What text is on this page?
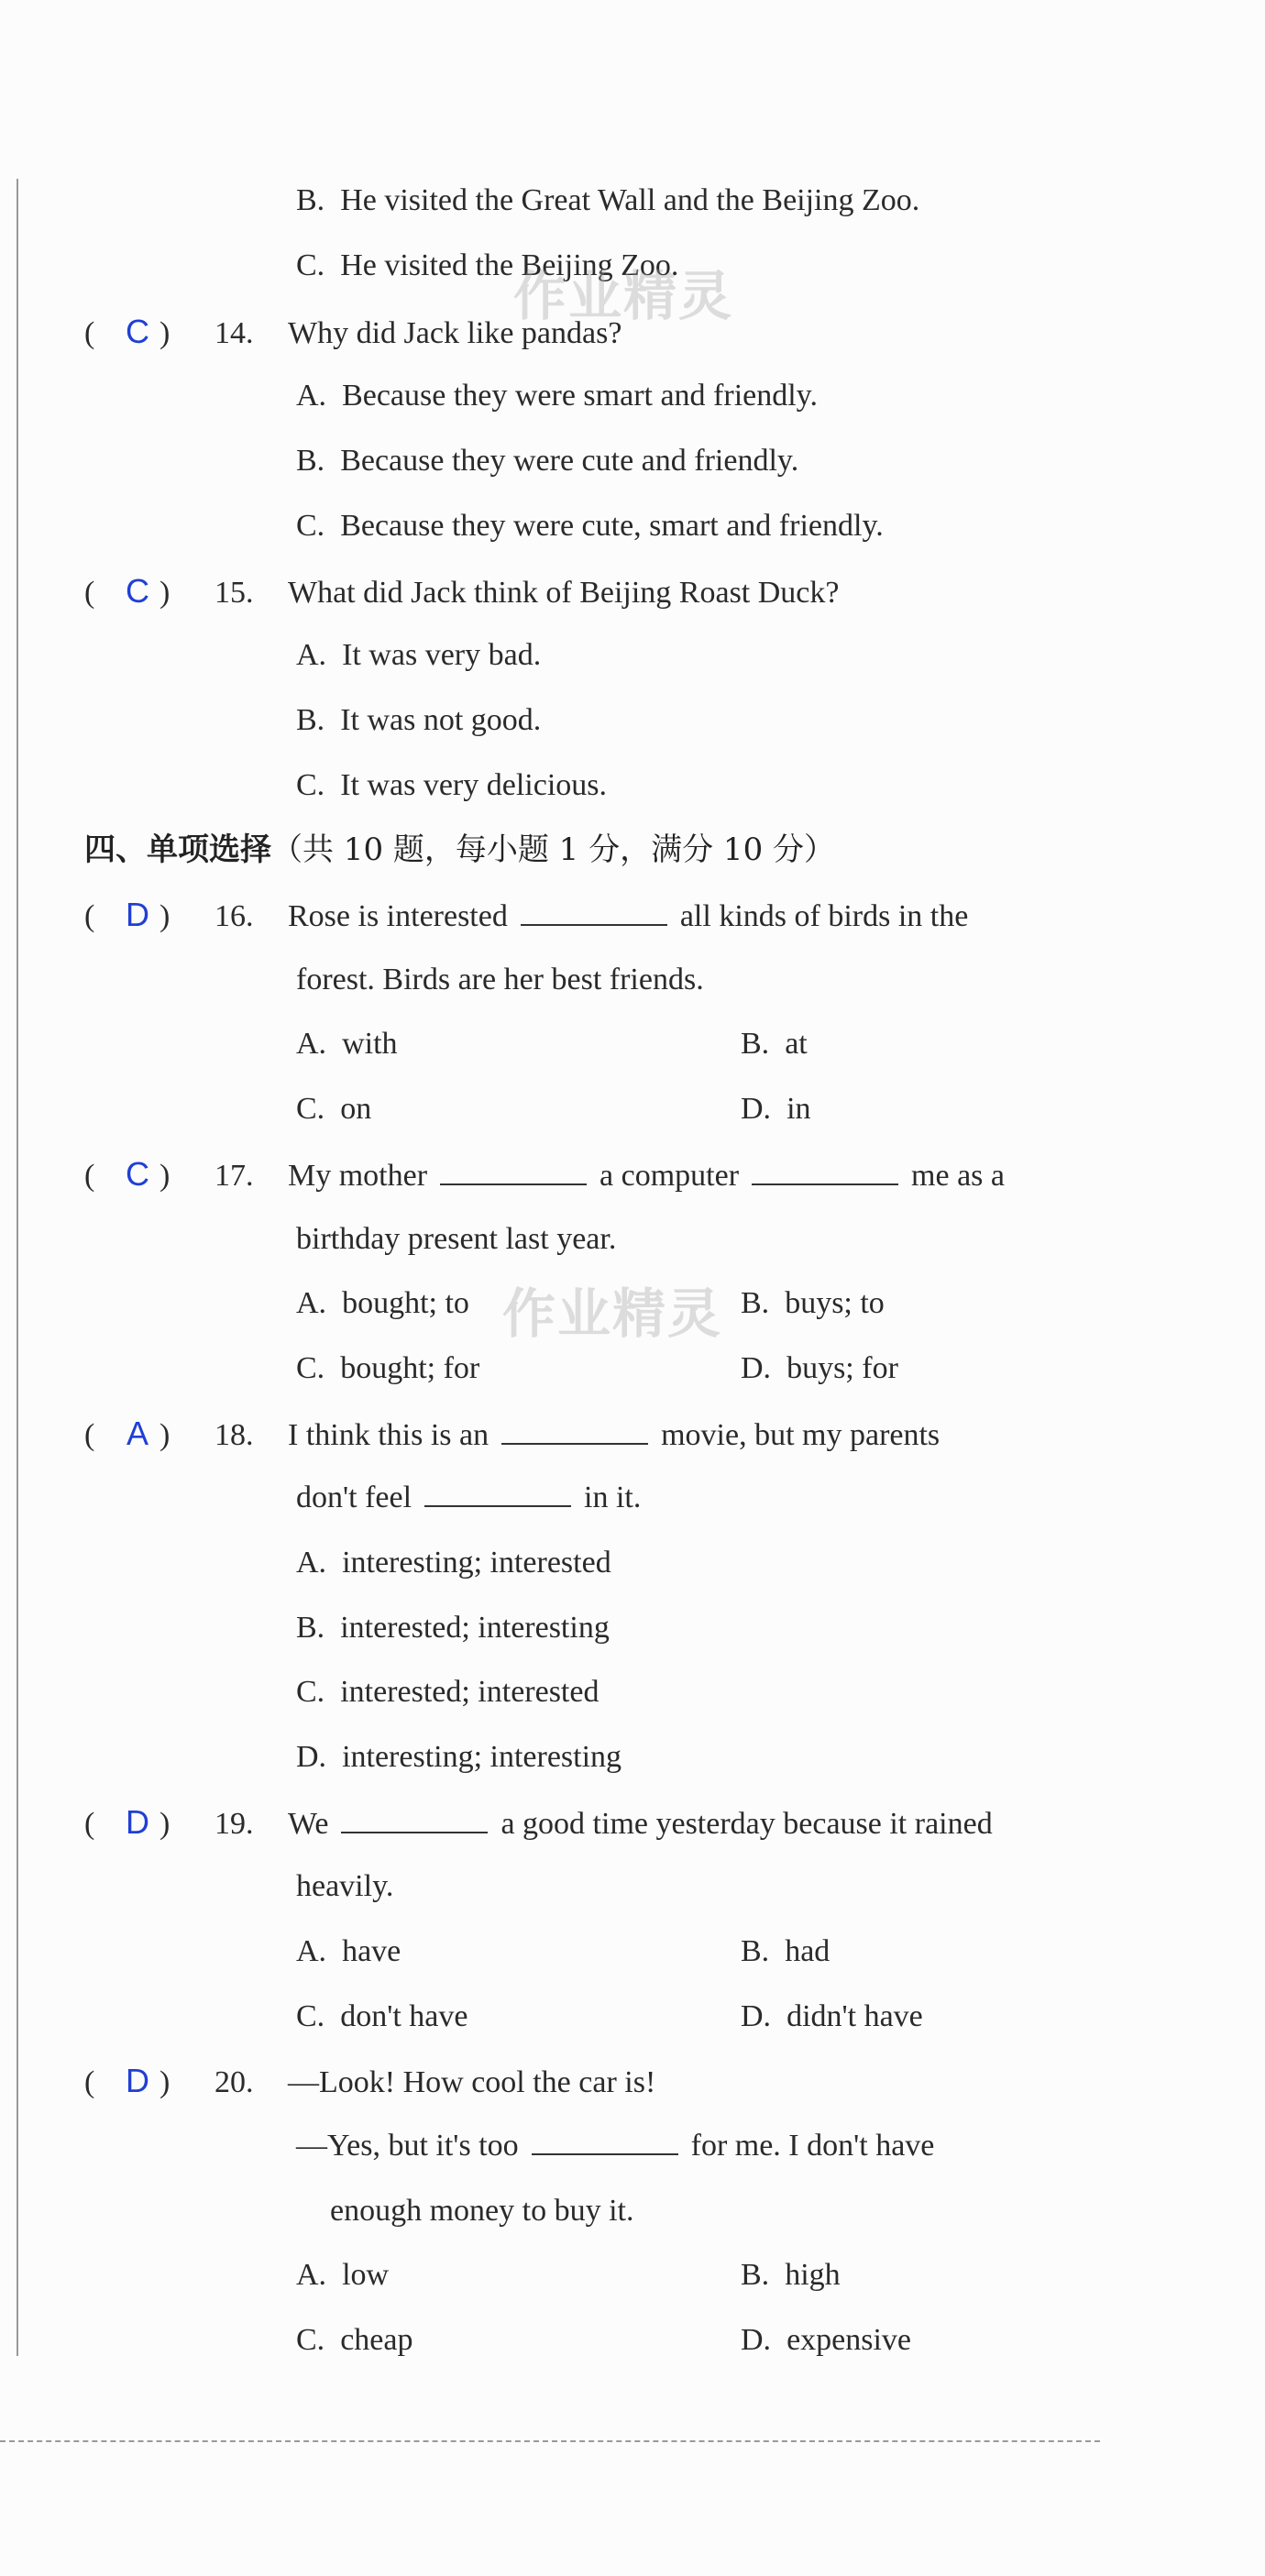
B. He visited the Great Wall and the Beijing Zoo.
C. He visited the Beijing Zoo.
作业精灵
( C ) 14. Why did Jack like pandas?
A. Because they were smart and friendly.
B. Because they were cute and friendly.
C. Because they were cute, smart and friendly.
( C ) 15. What did Jack think of Beijing Roast Duck?
A. It was very bad.
B. It was not good.
C. It was very delicious.
四、单项选择（共 10 题，每小题 1 分，满分 10 分）
( D ) 16. Rose is interested	all kinds of birds in the
forest. Birds are her best friends.
A. with	B. at
C. on	D. in
( C ) 17. My mother	a computer	me as a
birthday present last year.
A. bought; to	B. buys; to
C. bought; for	D. buys; for
作业精灵
( A ) 18. I think this is an	movie, but my parents
don't feel	in it.
A. interesting; interested
B. interested; interesting
C. interested; interested
D. interesting; interesting
( D ) 19. We	a good time yesterday because it rained
heavily.
A. have	B. had
C. don't have	D. didn't have
( D ) 20. —Look! How cool the car is!
—Yes, but it's too	for me. I don't have
enough money to buy it.
A. low	B. high
C. cheap	D. expensive
